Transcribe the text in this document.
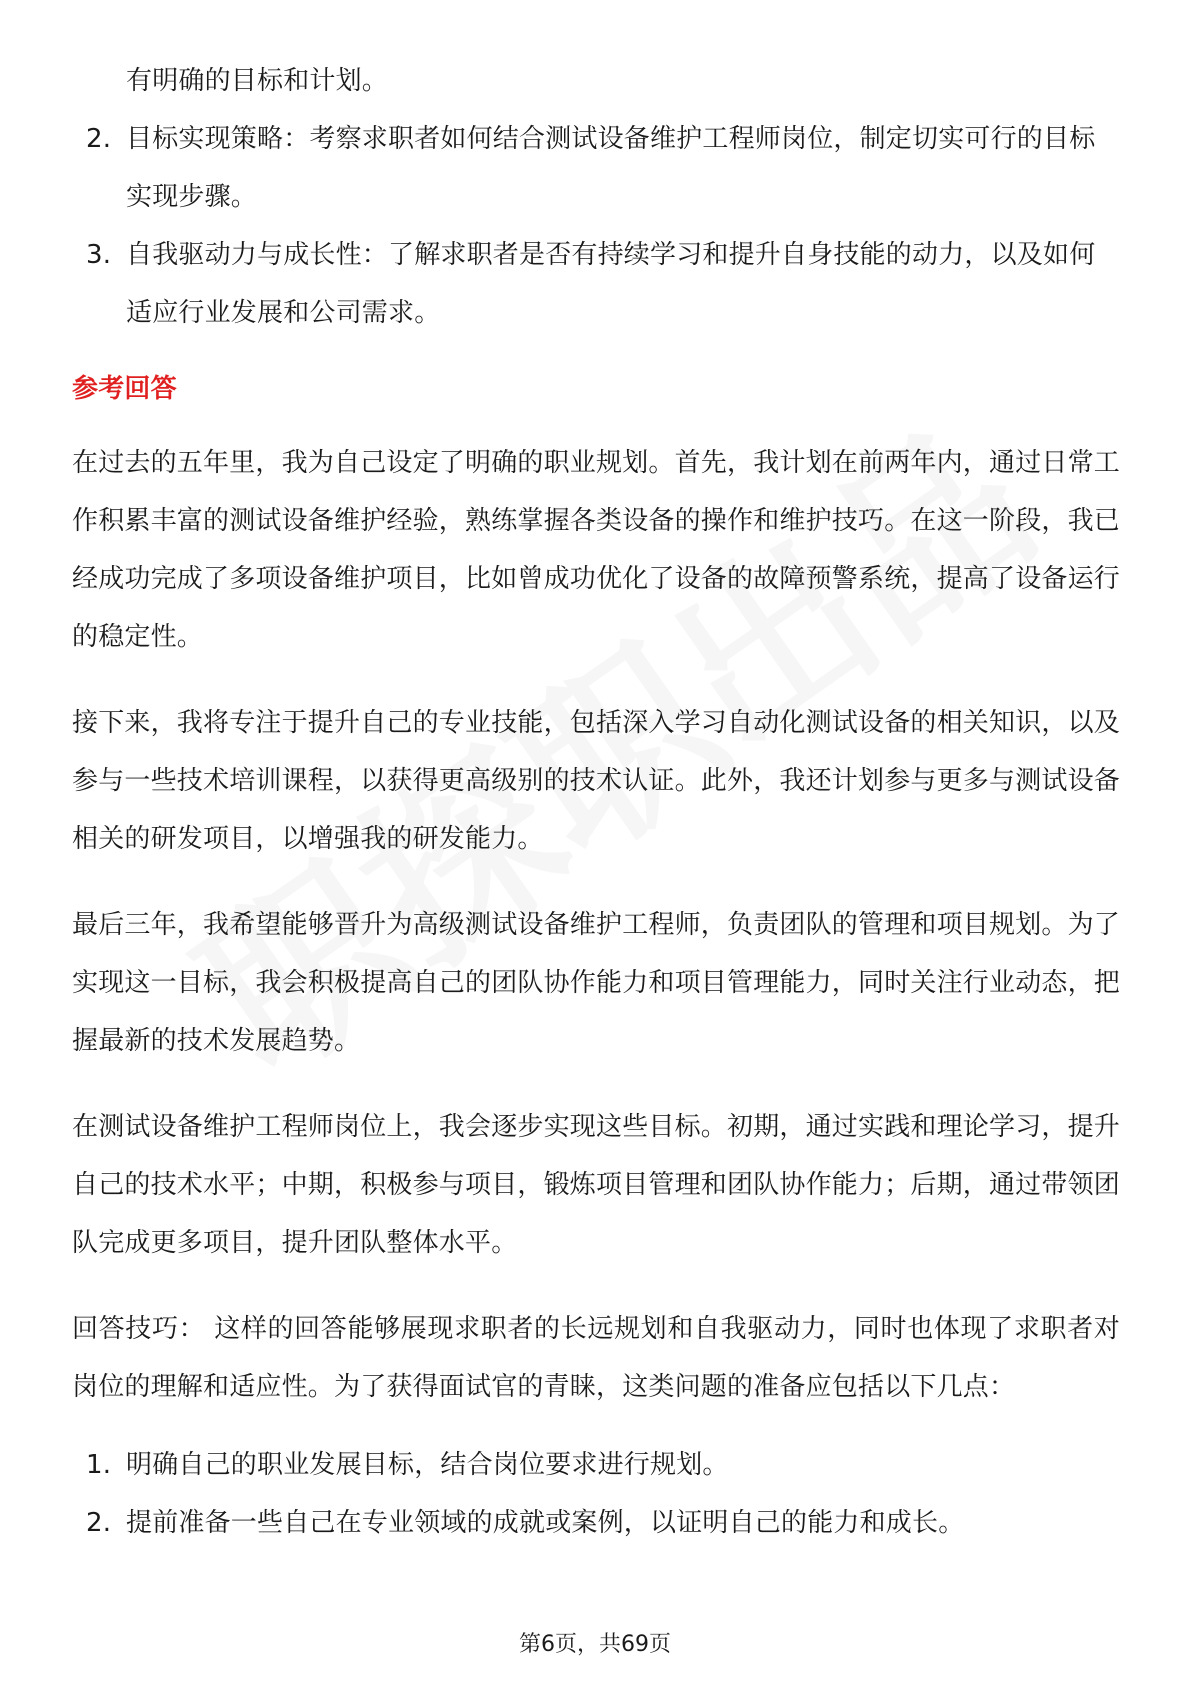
有明确的目标和计划。

2. 目标实现策略：考察求职者如何结合测试设备维护工程师岗位，制定切实可行的目标实现步骤。
3. 自我驱动力与成长性：了解求职者是否有持续学习和提升自身技能的动力，以及如何适应行业发展和公司需求。
参考回答

在过去的五年里，我为自己设定了明确的职业规划。首先，我计划在前两年内，通过日常工作积累丰富的测试设备维护经验，熟练掌握各类设备的操作和维护技巧。在这一阶段，我已经成功完成了多项设备维护项目，比如曾成功优化了设备的故障预警系统，提高了设备运行的稳定性。

接下来，我将专注于提升自己的专业技能，包括深入学习自动化测试设备的相关知识，以及参与一些技术培训课程，以获得更高级别的技术认证。此外，我还计划参与更多与测试设备相关的研发项目，以增强我的研发能力。

最后三年，我希望能够晋升为高级测试设备维护工程师，负责团队的管理和项目规划。为了实现这一目标，我会积极提高自己的团队协作能力和项目管理能力，同时关注行业动态，把握最新的技术发展趋势。

在测试设备维护工程师岗位上，我会逐步实现这些目标。初期，通过实践和理论学习，提升自己的技术水平；中期，积极参与项目，锻炼项目管理和团队协作能力；后期，通过带领团队完成更多项目，提升团队整体水平。

回答技巧： 这样的回答能够展现求职者的长远规划和自我驱动力，同时也体现了求职者对岗位的理解和适应性。为了获得面试官的青睐，这类问题的准备应包括以下几点：

1. 明确自己的职业发展目标，结合岗位要求进行规划。
2. 提前准备一些自己在专业领域的成就或案例，以证明自己的能力和成长。
第6页，共69页
